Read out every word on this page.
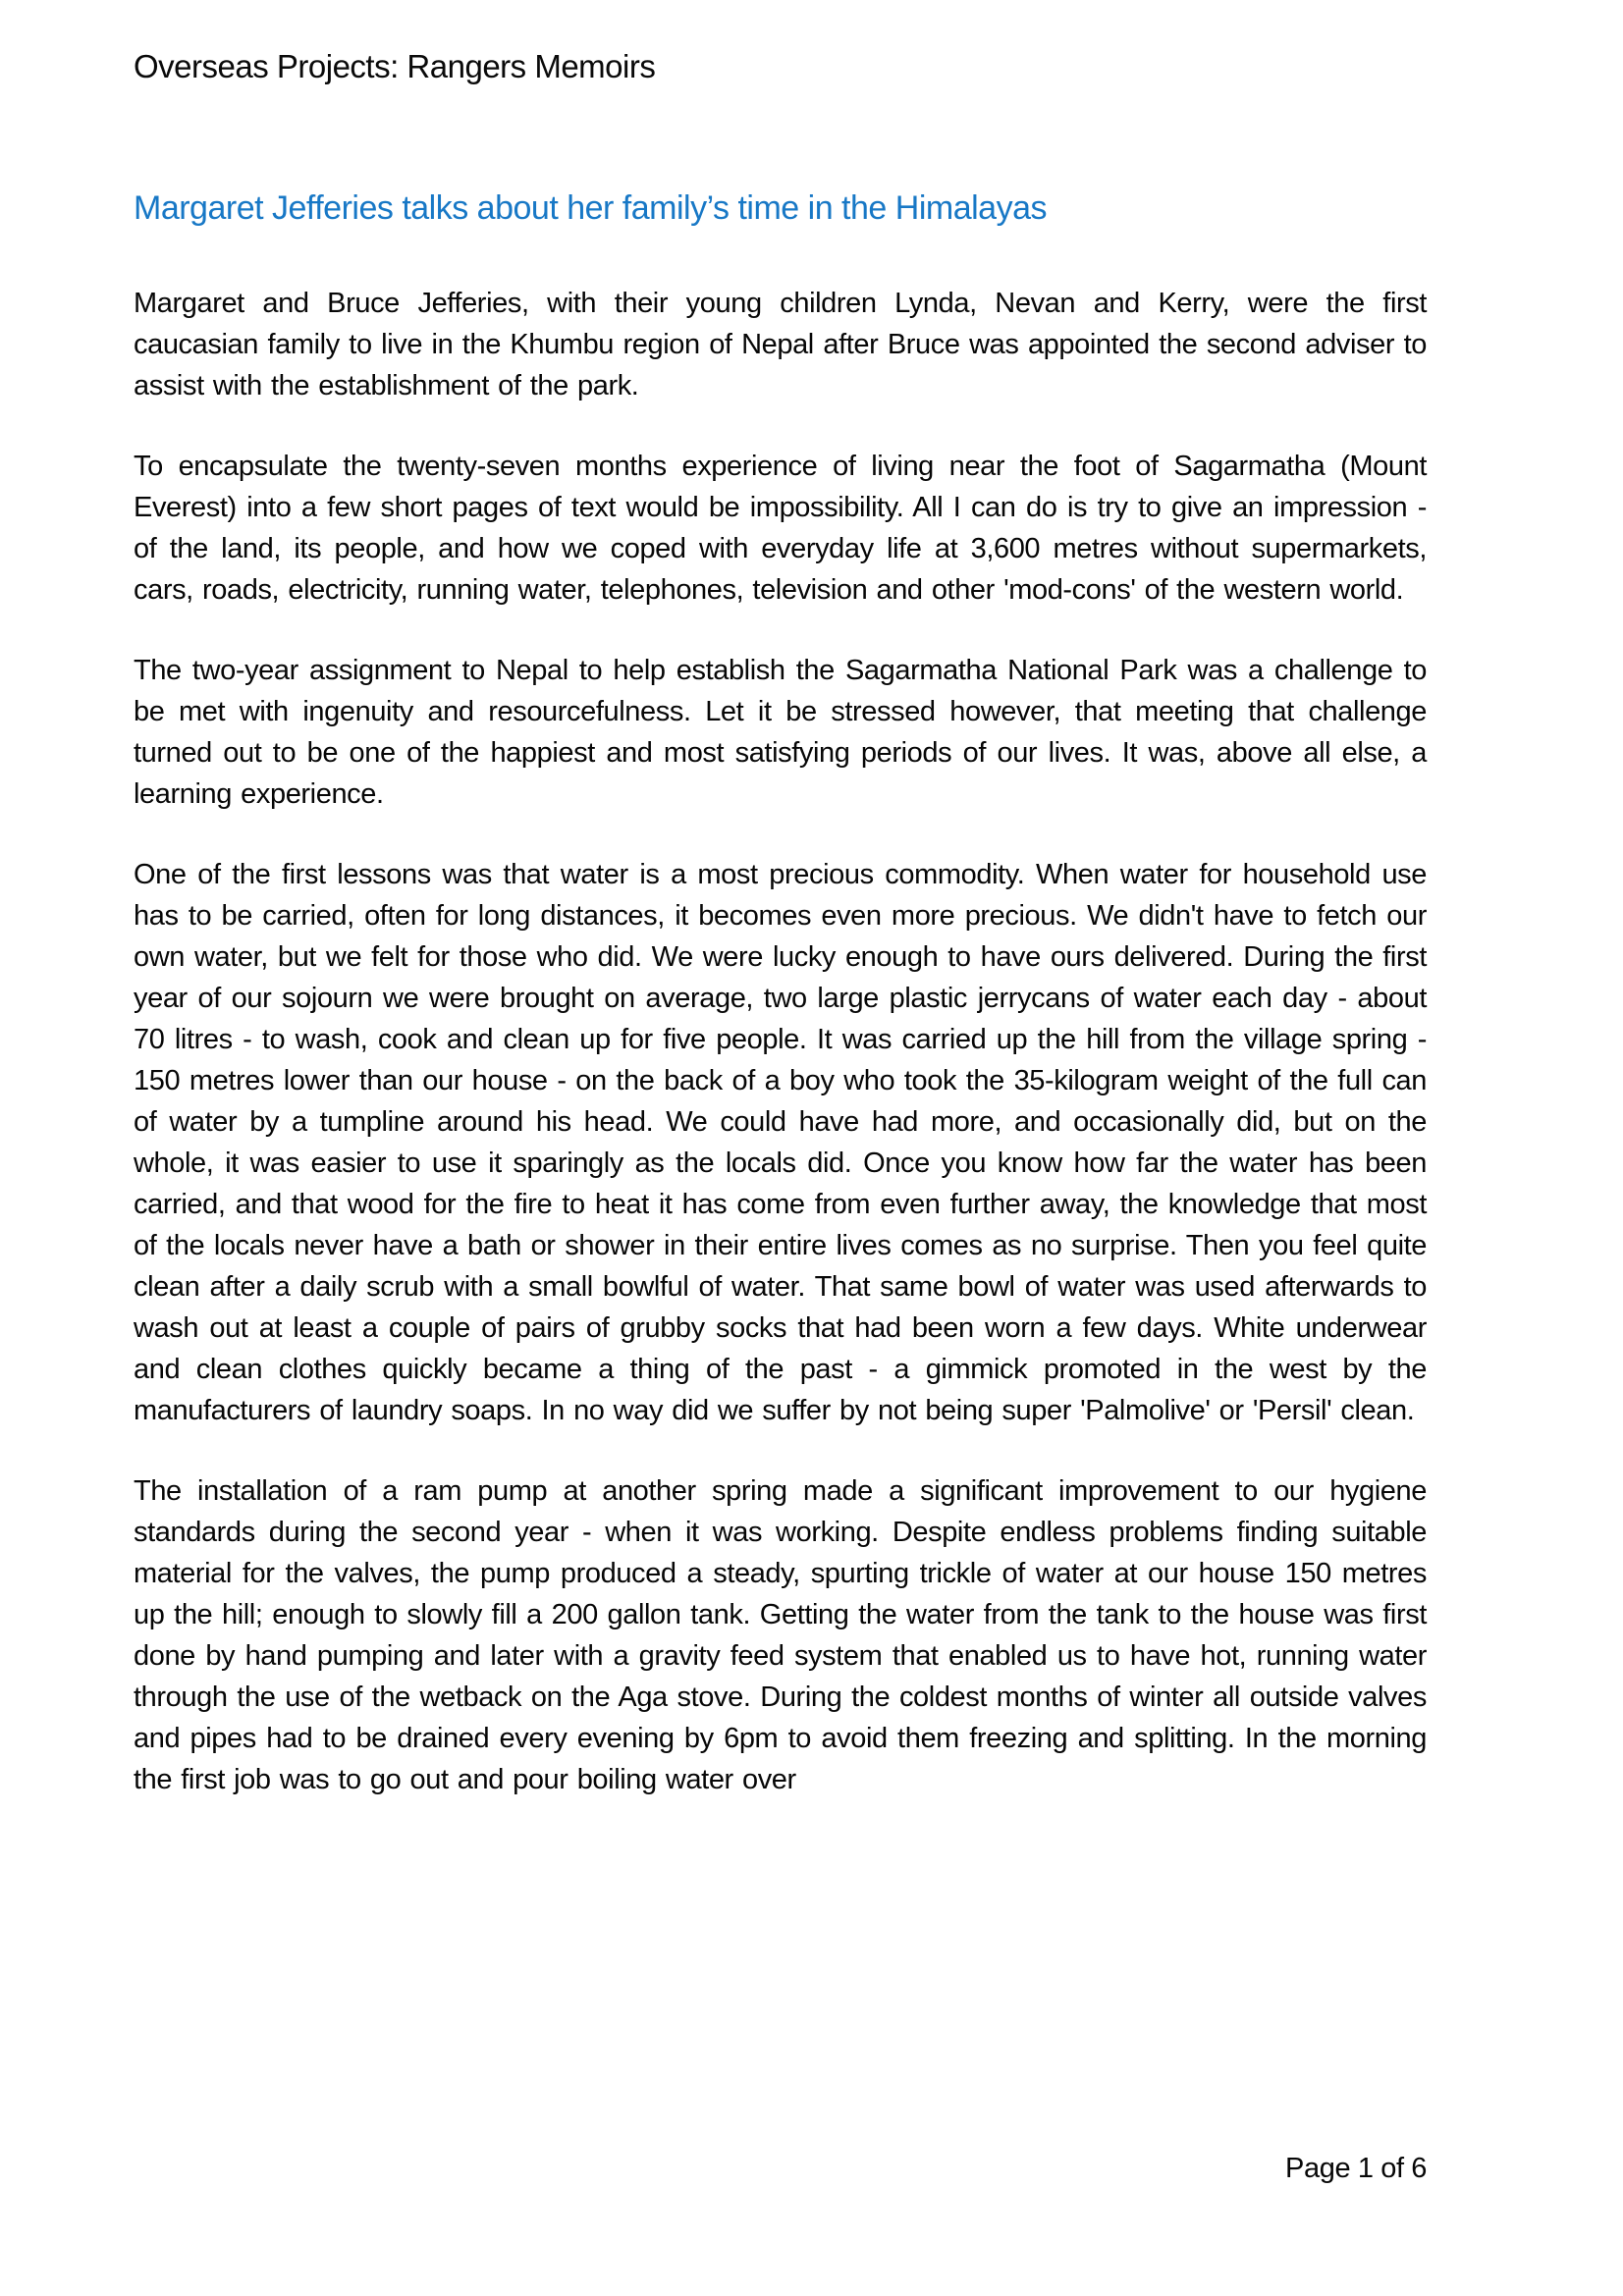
Overseas Projects: Rangers Memoirs
Margaret Jefferies talks about her family’s time in the Himalayas

Margaret and Bruce Jefferies, with their young children Lynda, Nevan and Kerry, were the first caucasian family to live in the Khumbu region of Nepal after Bruce was appointed the second adviser to assist with the establishment of the park.

To encapsulate the twenty-seven months experience of living near the foot of Sagarmatha (Mount Everest) into a few short pages of text would be impossibility. All I can do is try to give an impression - of the land, its people, and how we coped with everyday life at 3,600 metres without supermarkets, cars, roads, electricity, running water, telephones, television and other 'mod-cons' of the western world.

The two-year assignment to Nepal to help establish the Sagarmatha National Park was a challenge to be met with ingenuity and resourcefulness. Let it be stressed however, that meeting that challenge turned out to be one of the happiest and most satisfying periods of our lives. It was, above all else, a learning experience.

One of the first lessons was that water is a most precious commodity. When water for household use has to be carried, often for long distances, it becomes even more precious. We didn't have to fetch our own water, but we felt for those who did. We were lucky enough to have ours delivered. During the first year of our sojourn we were brought on average, two large plastic jerrycans of water each day - about 70 litres - to wash, cook and clean up for five people. It was carried up the hill from the village spring - 150 metres lower than our house - on the back of a boy who took the 35-kilogram weight of the full can of water by a tumpline around his head. We could have had more, and occasionally did, but on the whole, it was easier to use it sparingly as the locals did. Once you know how far the water has been carried, and that wood for the fire to heat it has come from even further away, the knowledge that most of the locals never have a bath or shower in their entire lives comes as no surprise. Then you feel quite clean after a daily scrub with a small bowlful of water. That same bowl of water was used afterwards to wash out at least a couple of pairs of grubby socks that had been worn a few days. White underwear and clean clothes quickly became a thing of the past - a gimmick promoted in the west by the manufacturers of laundry soaps. In no way did we suffer by not being super 'Palmolive' or 'Persil' clean.

The installation of a ram pump at another spring made a significant improvement to our hygiene standards during the second year - when it was working. Despite endless problems finding suitable material for the valves, the pump produced a steady, spurting trickle of water at our house 150 metres up the hill; enough to slowly fill a 200 gallon tank. Getting the water from the tank to the house was first done by hand pumping and later with a gravity feed system that enabled us to have hot, running water through the use of the wetback on the Aga stove. During the coldest months of winter all outside valves and pipes had to be drained every evening by 6pm to avoid them freezing and splitting. In the morning the first job was to go out and pour boiling water over

Page 1 of 6
